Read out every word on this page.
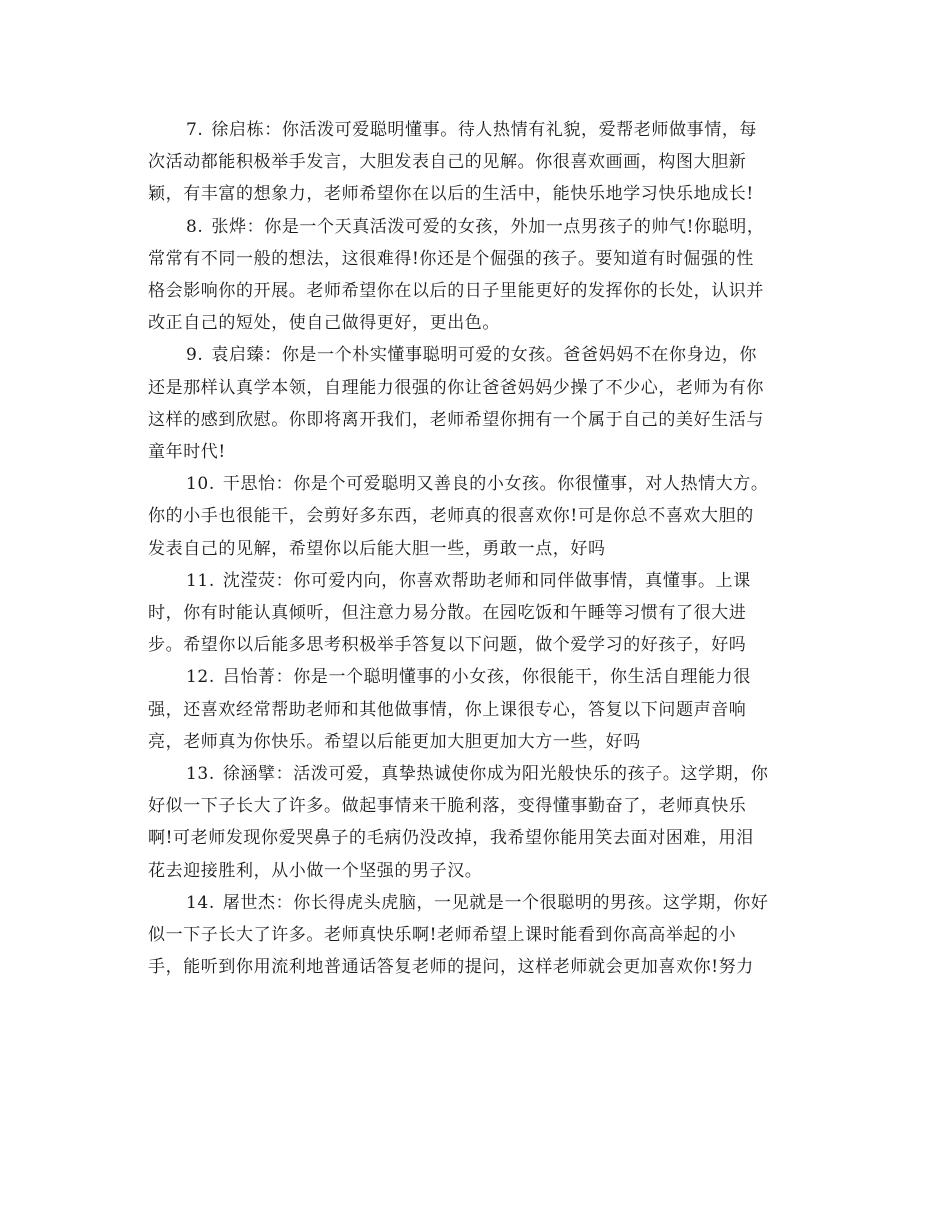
7. 徐启栋：你活泼可爱聪明懂事。待人热情有礼貌，爱帮老师做事情，每
次活动都能积极举手发言，大胆发表自己的见解。你很喜欢画画，构图大胆新
颖，有丰富的想象力，老师希望你在以后的生活中，能快乐地学习快乐地成长!

8. 张烨：你是一个天真活泼可爱的女孩，外加一点男孩子的帅气!你聪明，
常常有不同一般的想法，这很难得!你还是个倔强的孩子。要知道有时倔强的性
格会影响你的开展。老师希望你在以后的日子里能更好的发挥你的长处，认识并
改正自己的短处，使自己做得更好，更出色。

9. 袁启臻：你是一个朴实懂事聪明可爱的女孩。爸爸妈妈不在你身边，你
还是那样认真学本领，自理能力很强的你让爸爸妈妈少操了不少心，老师为有你
这样的感到欣慰。你即将离开我们，老师希望你拥有一个属于自己的美好生活与
童年时代!

10. 干思怡：你是个可爱聪明又善良的小女孩。你很懂事，对人热情大方。
你的小手也很能干，会剪好多东西，老师真的很喜欢你!可是你总不喜欢大胆的
发表自己的见解，希望你以后能大胆一些，勇敢一点，好吗

11. 沈滢荧：你可爱内向，你喜欢帮助老师和同伴做事情，真懂事。上课
时，你有时能认真倾听，但注意力易分散。在园吃饭和午睡等习惯有了很大进
步。希望你以后能多思考积极举手答复以下问题，做个爱学习的好孩子，好吗

12. 吕怡菁：你是一个聪明懂事的小女孩，你很能干，你生活自理能力很
强，还喜欢经常帮助老师和其他做事情，你上课很专心，答复以下问题声音响
亮，老师真为你快乐。希望以后能更加大胆更加大方一些，好吗

13. 徐涵擘：活泼可爱，真挚热诚使你成为阳光般快乐的孩子。这学期，你
好似一下子长大了许多。做起事情来干脆利落，变得懂事勤奋了，老师真快乐
啊!可老师发现你爱哭鼻子的毛病仍没改掉，我希望你能用笑去面对困难，用泪
花去迎接胜利，从小做一个坚强的男子汉。

14. 屠世杰：你长得虎头虎脑，一见就是一个很聪明的男孩。这学期，你好
似一下子长大了许多。老师真快乐啊!老师希望上课时能看到你高高举起的小
手，能听到你用流利地普通话答复老师的提问，这样老师就会更加喜欢你!努力
